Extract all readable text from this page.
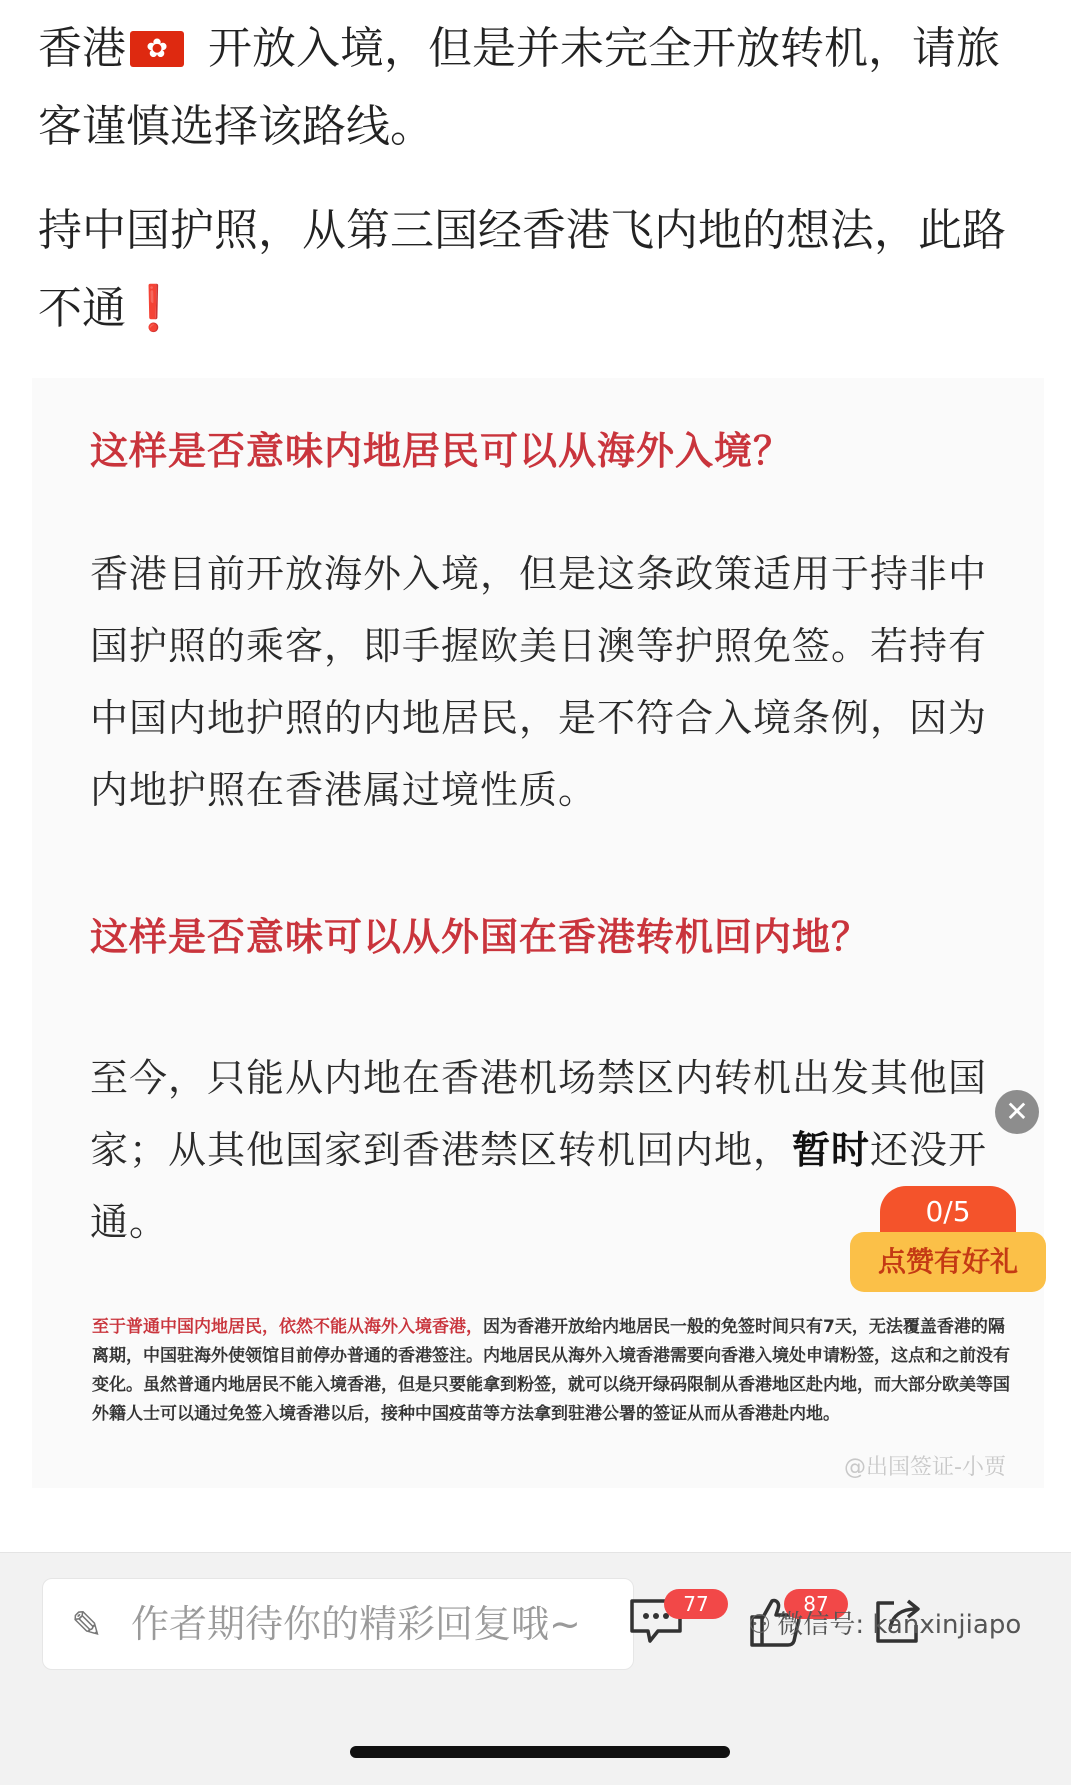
香港✿ 开放入境，但是并未完全开放转机，请旅客谨慎选择该路线。

持中国护照，从第三国经香港飞内地的想法，此路不通❗

这样是否意味内地居民可以从海外入境？

香港目前开放海外入境，但是这条政策适用于持非中国护照的乘客，即手握欧美日澳等护照免签。若持有中国内地护照的内地居民，是不符合入境条例，因为内地护照在香港属过境性质。

这样是否意味可以从外国在香港转机回内地？

至今，只能从内地在香港机场禁区内转机出发其他国家；从其他国家到香港禁区转机回内地，暂时还没开通。

至于普通中国内地居民，依然不能从海外入境香港，因为香港开放给内地居民一般的免签时间只有7天，无法覆盖香港的隔离期，中国驻海外使领馆目前停办普通的香港签注。内地居民从海外入境香港需要向香港入境处申请粉签，这点和之前没有变化。虽然普通内地居民不能入境香港，但是只要能拿到粉签，就可以绕开绿码限制从香港地区赴内地，而大部分欧美等国外籍人士可以通过免签入境香港以后，接种中国疫苗等方法拿到驻港公署的签证从而从香港赴内地。

@出国签证-小贾
✕
0/5
点赞有好礼
✎ 作者期待你的精彩回复哦~	77	87
⚇ 微信号: kanxinjiapo
